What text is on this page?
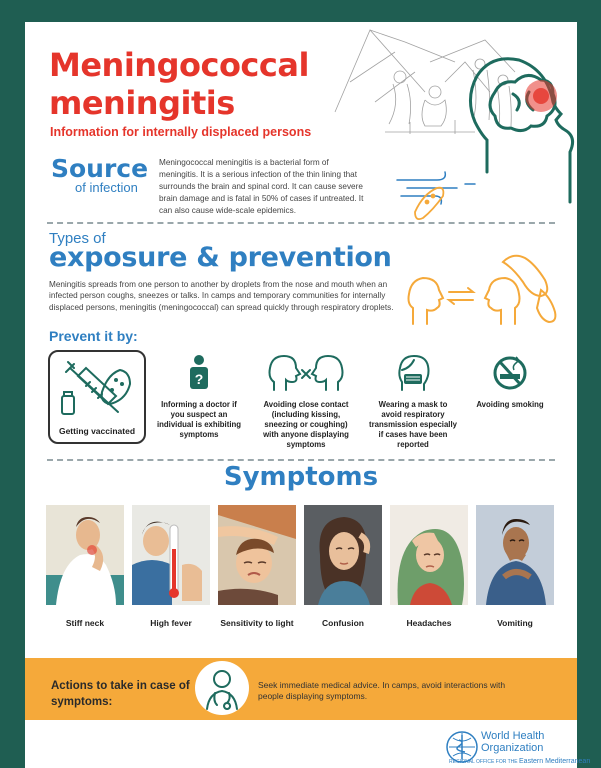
Meningococcal
meningitis
Information for internally displaced persons
Source
of infection
Meningococcal meningitis is a bacterial form of meningitis. It is a serious infection of the thin lining that surrounds the brain and spinal cord. It can cause severe brain damage and is fatal in 50% of cases if untreated. It can also cause wide-scale epidemics.
Types of
exposure & prevention
Meningitis spreads from one person to another by droplets from the nose and mouth when an infected person coughs, sneezes or talks. In camps and temporary communities for internally displaced persons, meningitis (meningococcal) can spread quickly through respiratory droplets.
Prevent it by:
Getting vaccinated
?
Informing a doctor if you suspect an individual is exhibiting symptoms
Avoiding close contact (including kissing, sneezing or coughing) with anyone displaying symptoms
Wearing a mask to avoid respiratory transmission especially if cases have been reported
Avoiding smoking
Symptoms
Stiff neck	High fever	Sensitivity to light	Confusion	Headaches	Vomiting
Actions to take in case of symptoms:
Seek immediate medical advice. In camps, avoid interactions with people displaying symptoms.
World Health
Organization
REGIONAL OFFICE FOR THE Eastern Mediterranean
